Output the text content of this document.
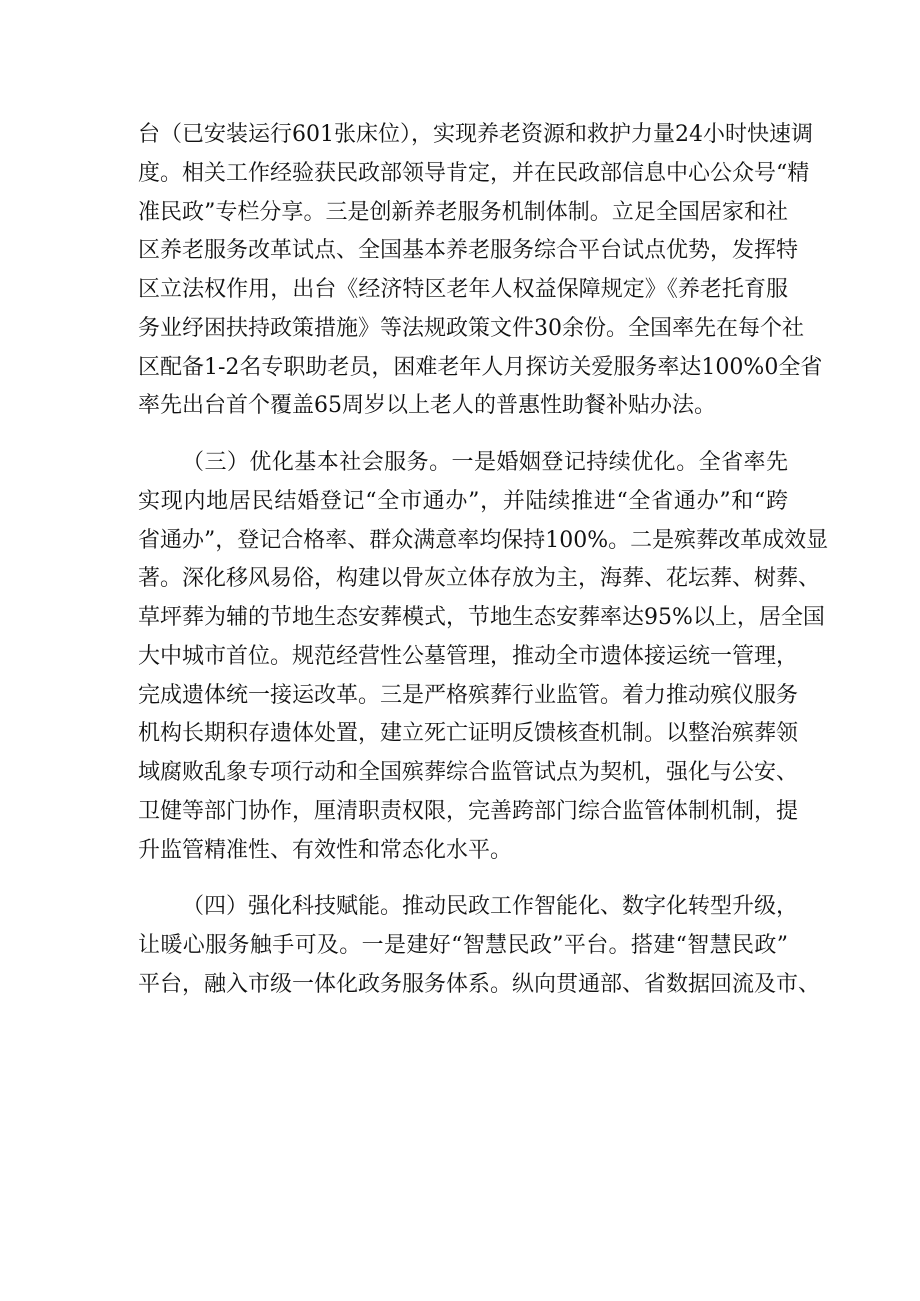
台（已安装运行601张床位），实现养老资源和救护力量24小时快速调
度。相关工作经验获民政部领导肯定，并在民政部信息中心公众号“精
准民政”专栏分享。三是创新养老服务机制体制。立足全国居家和社
区养老服务改革试点、全国基本养老服务综合平台试点优势，发挥特
区立法权作用，出台《经济特区老年人权益保障规定》《养老托育服
务业纾困扶持政策措施》等法规政策文件30余份。全国率先在每个社
区配备1-2名专职助老员，困难老年人月探访关爱服务率达100%0全省
率先出台首个覆盖65周岁以上老人的普惠性助餐补贴办法。
（三）优化基本社会服务。一是婚姻登记持续优化。全省率先
实现内地居民结婚登记“全市通办”，并陆续推进“全省通办”和“跨
省通办”，登记合格率、群众满意率均保持100%。二是殡葬改革成效显
著。深化移风易俗，构建以骨灰立体存放为主，海葬、花坛葬、树葬、
草坪葬为辅的节地生态安葬模式，节地生态安葬率达95%以上，居全国
大中城市首位。规范经营性公墓管理，推动全市遗体接运统一管理，
完成遗体统一接运改革。三是严格殡葬行业监管。着力推动殡仪服务
机构长期积存遗体处置，建立死亡证明反馈核查机制。以整治殡葬领
域腐败乱象专项行动和全国殡葬综合监管试点为契机，强化与公安、
卫健等部门协作，厘清职责权限，完善跨部门综合监管体制机制，提
升监管精准性、有效性和常态化水平。
（四）强化科技赋能。推动民政工作智能化、数字化转型升级，
让暖心服务触手可及。一是建好“智慧民政”平台。搭建“智慧民政”
平台，融入市级一体化政务服务体系。纵向贯通部、省数据回流及市、
